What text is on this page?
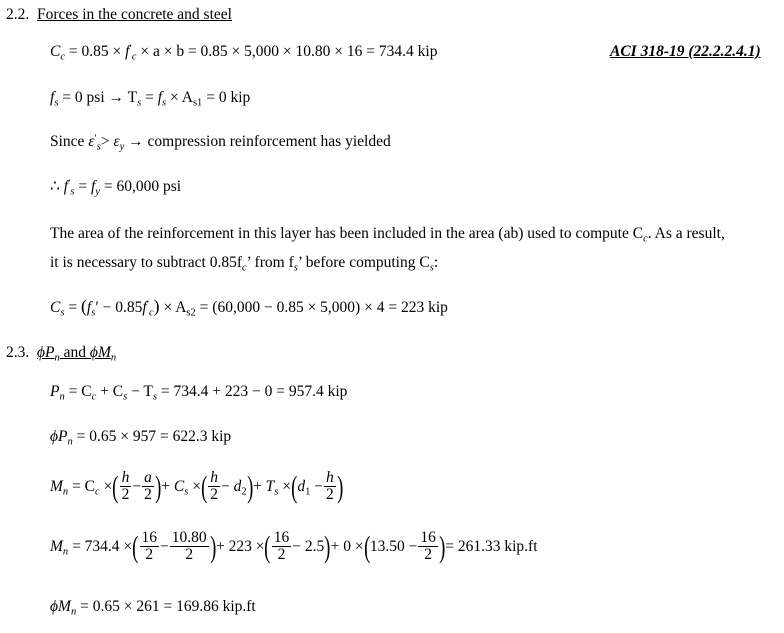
2.2. Forces in the concrete and steel
$C_c = 0.85 \times f'_c \times a \times b = 0.85 \times 5,000 \times 10.80 \times 16 = 734.4$ kip	ACI 318-19 (22.2.2.4.1)
$f_s = 0$ psi → $T_s = f_s \times A_{s1} = 0$ kip
Since $\varepsilon'_s> \varepsilon_y$ → compression reinforcement has yielded
∴ $f'_s = f_y = 60,000$ psi
The area of the reinforcement in this layer has been included in the area (ab) used to compute $C_c$. As a result,
it is necessary to subtract $0.85f_c$’ from $f_s$’ before computing $C_s$:
$C_s = (f_s' - 0.85f'_c) \times A_{s2} = (60,000 - 0.85 \times 5,000) \times 4 = 223$ kip
2.3. $\phi P_n$ and $\phi M_n$
$P_n = C_c + C_s - T_s = 734.4 + 223 - 0 = 957.4$ kip
$\phi P_n = 0.65 \times 957 = 622.3$ kip
$M_n = C_c$ ×( $\frac{h}{2} - \frac{a}{2}$ )+ $C_s$ ×( $\frac{h}{2} - d_2)+ T_s \times(d_1 - \frac{h}{2}$ )
$M_n = 734.4$ ×( $\frac{16}{2} - \frac{10.80}{2}$ )+ 223 ×( $\frac{16}{2} - 2.5)+ 0 \times(13.50 - \frac{16}{2}$ )= 261.33 kip.ft
$\phi M_n = 0.65 \times 261 = 169.86$ kip.ft
